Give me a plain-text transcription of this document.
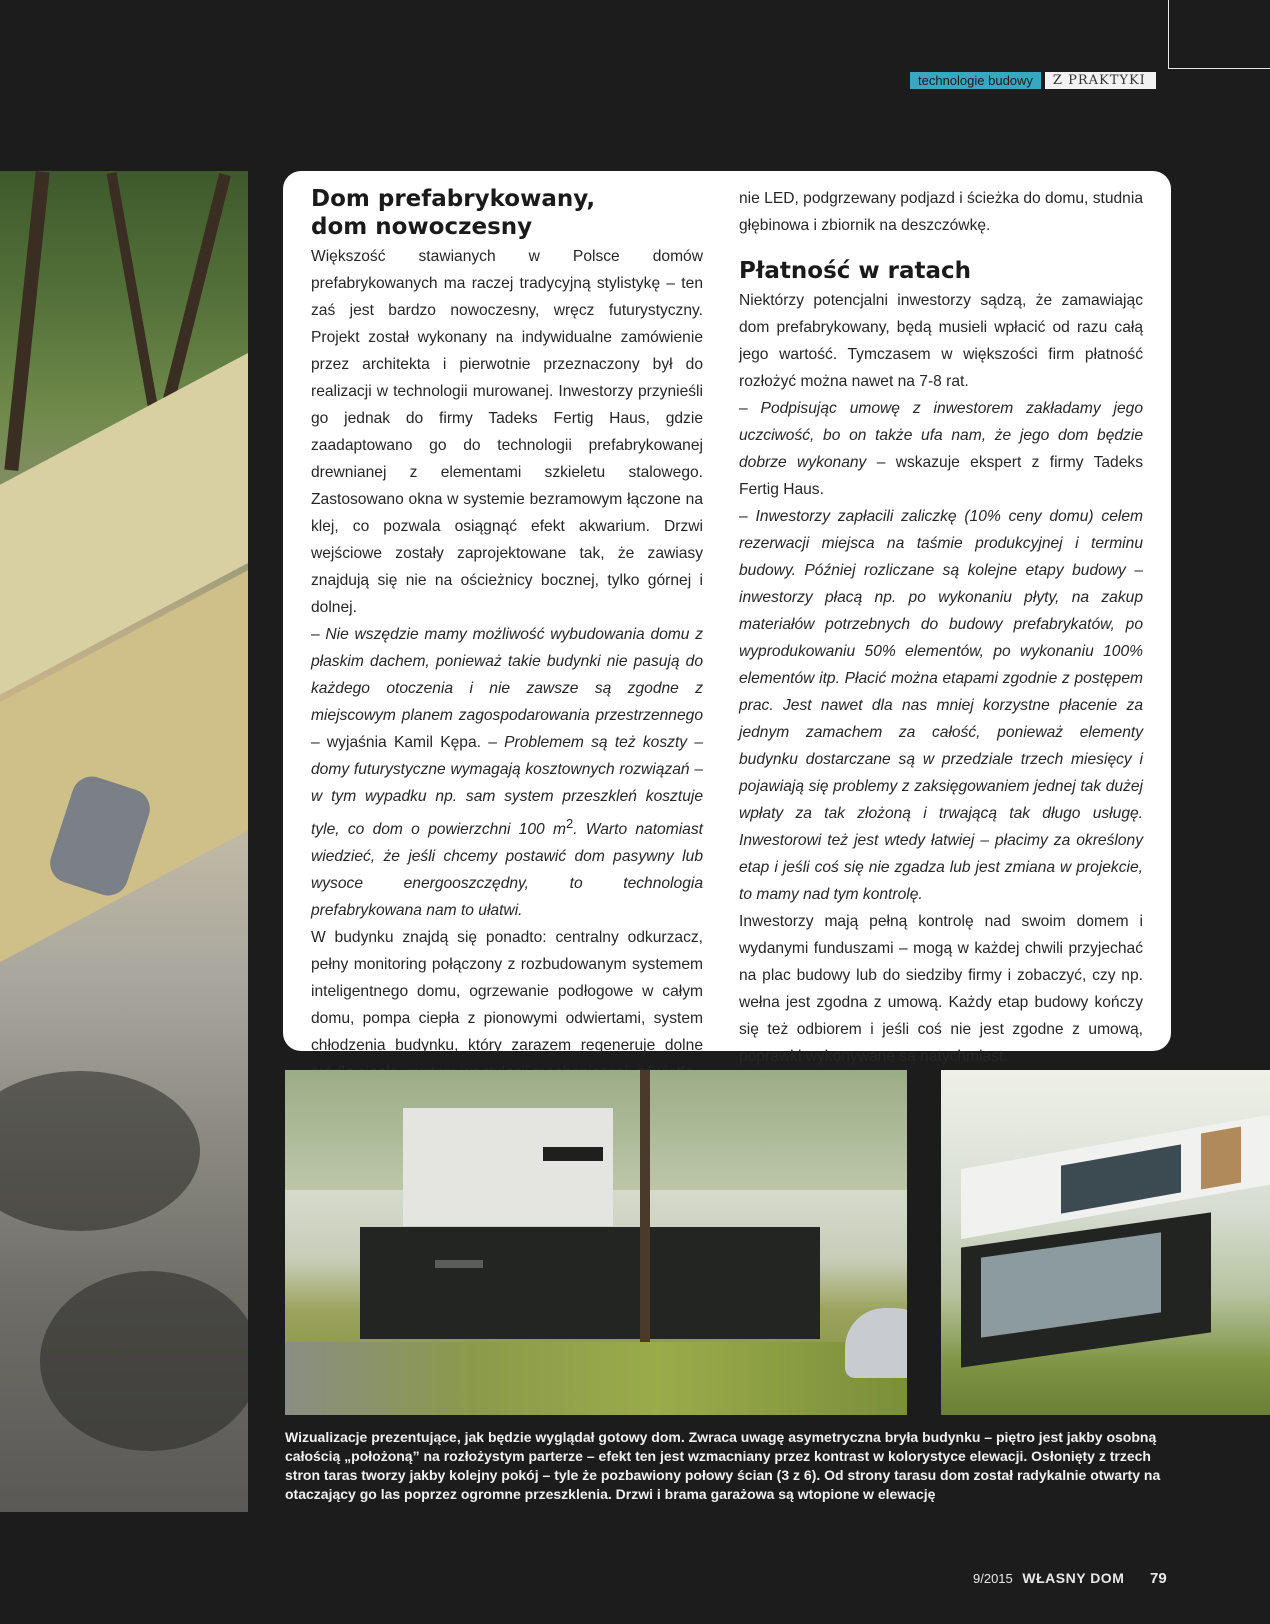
technologie budowy	Z PRAKTYKI
Dom prefabrykowany,
dom nowoczesny

Większość stawianych w Polsce domów prefabrykowanych ma raczej tradycyjną stylistykę – ten zaś jest bardzo nowoczesny, wręcz futurystyczny. Projekt został wykonany na indywidualne zamówienie przez architekta i pierwotnie przeznaczony był do realizacji w technologii murowanej. Inwestorzy przynieśli go jednak do firmy Tadeks Fertig Haus, gdzie zaadaptowano go do technologii prefabrykowanej drewnianej z elementami szkieletu stalowego. Zastosowano okna w systemie bezramowym łączone na klej, co pozwala osiągnąć efekt akwarium. Drzwi wejściowe zostały zaprojektowane tak, że zawiasy znajdują się nie na ościeżnicy bocznej, tylko górnej i dolnej.

– Nie wszędzie mamy możliwość wybudowania domu z płaskim dachem, ponieważ takie budynki nie pasują do każdego otoczenia i nie zawsze są zgodne z miejscowym planem zagospodarowania przestrzennego – wyjaśnia Kamil Kępa. – Problemem są też koszty – domy futurystyczne wymagają kosztownych rozwiązań – w tym wypadku np. sam system przeszkleń kosztuje tyle, co dom o powierzchni 100 $m^2$. Warto natomiast wiedzieć, że jeśli chcemy postawić dom pasywny lub wysoce energooszczędny, to technologia prefabrykowana nam to ułatwi.

W budynku znajdą się ponadto: centralny odkurzacz, pełny monitoring połączony z rozbudowanym systemem inteligentnego domu, ogrzewanie podłogowe w całym domu, pompa ciepła z pionowymi odwiertami, system chłodzenia budynku, który zarazem regeneruje dolne

nie LED, podgrzewany podjazd i ścieżka do domu, studnia głębinowa i zbiornik na deszczówkę.

Płatność w ratach

Niektórzy potencjalni inwestorzy sądzą, że zamawiając dom prefabrykowany, będą musieli wpłacić od razu całą jego wartość. Tymczasem w większości firm płatność rozłożyć można nawet na 7-8 rat.

– Podpisując umowę z inwestorem zakładamy jego uczciwość, bo on także ufa nam, że jego dom będzie dobrze wykonany – wskazuje ekspert z firmy Tadeks Fertig Haus.

– Inwestorzy zapłacili zaliczkę (10% ceny domu) celem rezerwacji miejsca na taśmie produkcyjnej i terminu budowy. Później rozliczane są kolejne etapy budowy – inwestorzy płacą np. po wykonaniu płyty, na zakup materiałów potrzebnych do budowy prefabrykatów, po wyprodukowaniu 50% elementów, po wykonaniu 100% elementów itp. Płacić można etapami zgodnie z postępem prac. Jest nawet dla nas mniej korzystne płacenie za jednym zamachem za całość, ponieważ elementy budynku dostarczane są w przedziale trzech miesięcy i pojawiają się problemy z zaksięgowaniem jednej tak dużej wpłaty za tak złożoną i trwającą tak długo usługę. Inwestorowi też jest wtedy łatwiej – płacimy za określony etap i jeśli coś się nie zgadza lub jest zmiana w projekcie, to mamy nad tym kontrolę.

Inwestorzy mają pełną kontrolę nad swoim domem i wydanymi funduszami – mogą w każdej chwili przyjechać na plac budowy lub do siedziby firmy i zobaczyć, czy np. wełna jest zgodna z umową. Każdy etap budowy kończy się też odbiorem i jeśli coś nie jest zgodne z umową, poprawki wykonywane są natychmiast.

Wizualizacje prezentujące, jak będzie wyglądał gotowy dom. Zwraca uwagę asymetryczna bryła budynku – piętro jest jakby osobną całością „położoną” na rozłożystym parterze – efekt ten jest wzmacniany przez kontrast w kolorystyce elewacji. Osłonięty z trzech stron taras tworzy jakby kolejny pokój – tyle że pozbawiony połowy ścian (3 z 6). Od strony tarasu dom został radykalnie otwarty na otaczający go las poprzez ogromne przeszklenia. Drzwi i brama garażowa są wtopione w elewację
9/2015 WŁASNY DOM 79
